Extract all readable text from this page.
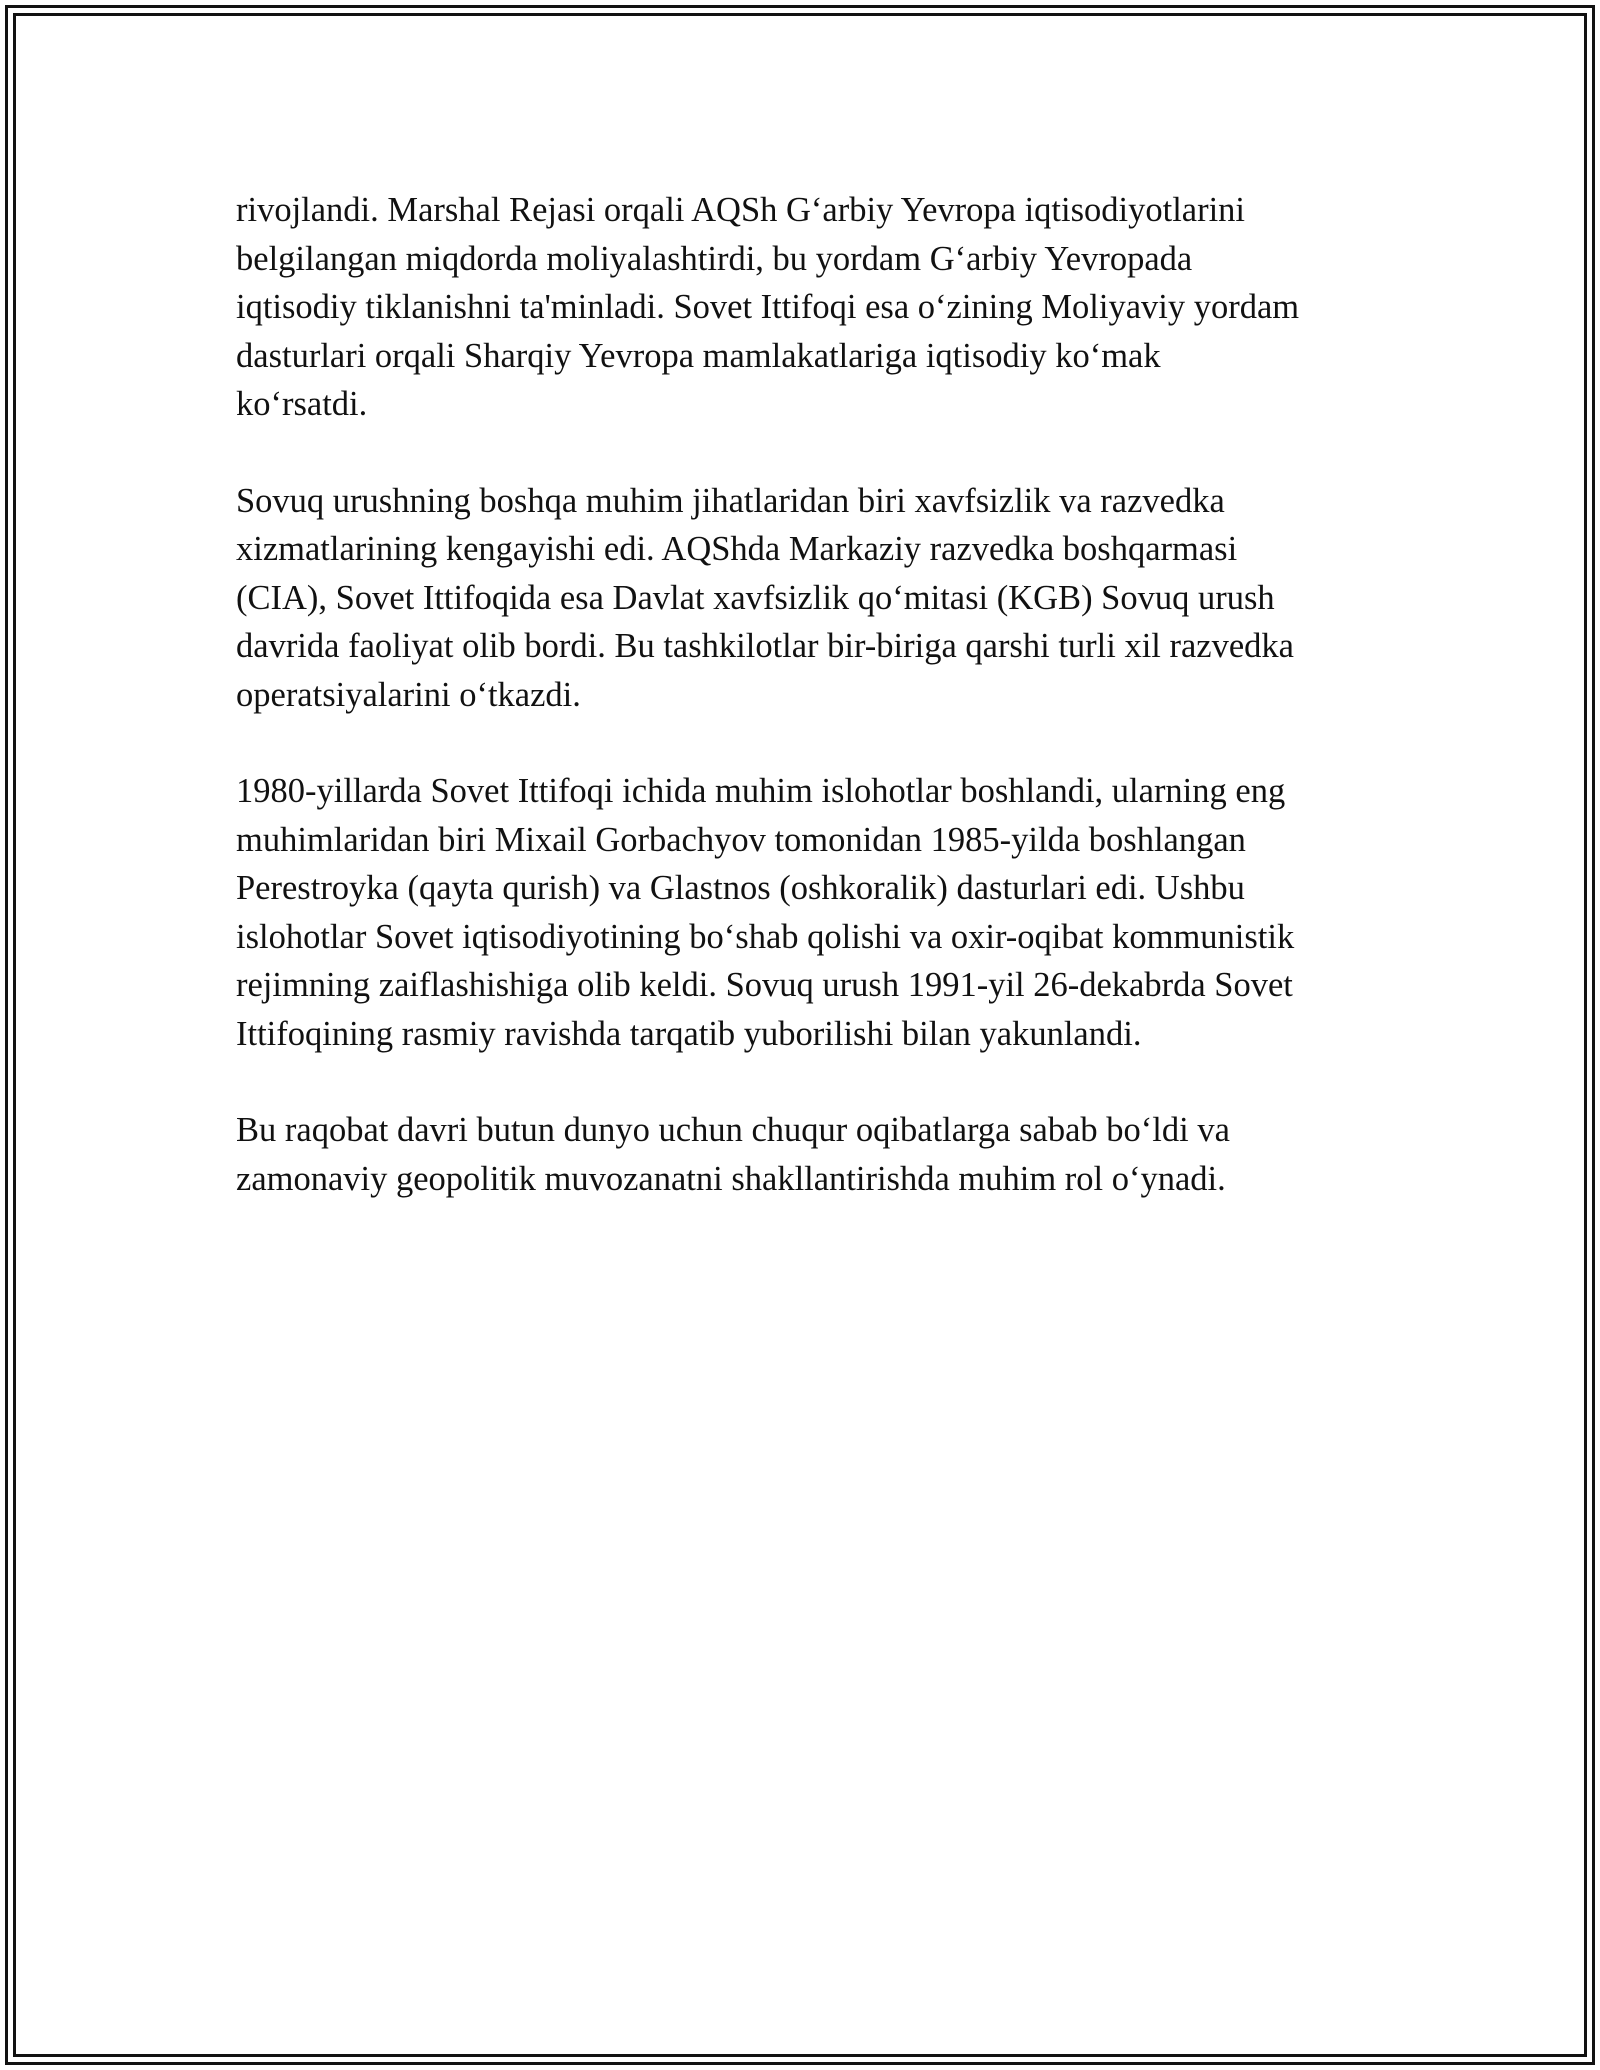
rivojlandi. Marshal Rejasi orqali AQSh G‘arbiy Yevropa iqtisodiyotlarini
belgilangan miqdorda moliyalashtirdi, bu yordam G‘arbiy Yevropada
iqtisodiy tiklanishni ta'minladi. Sovet Ittifoqi esa o‘zining Moliyaviy yordam
dasturlari orqali Sharqiy Yevropa mamlakatlariga iqtisodiy ko‘mak
ko‘rsatdi.

Sovuq urushning boshqa muhim jihatlaridan biri xavfsizlik va razvedka
xizmatlarining kengayishi edi. AQShda Markaziy razvedka boshqarmasi
(CIA), Sovet Ittifoqida esa Davlat xavfsizlik qo‘mitasi (KGB) Sovuq urush
davrida faoliyat olib bordi. Bu tashkilotlar bir-biriga qarshi turli xil razvedka
operatsiyalarini o‘tkazdi.

1980-yillarda Sovet Ittifoqi ichida muhim islohotlar boshlandi, ularning eng
muhimlaridan biri Mixail Gorbachyov tomonidan 1985-yilda boshlangan
Perestroyka (qayta qurish) va Glastnos (oshkoralik) dasturlari edi. Ushbu
islohotlar Sovet iqtisodiyotining bo‘shab qolishi va oxir-oqibat kommunistik
rejimning zaiflashishiga olib keldi. Sovuq urush 1991-yil 26-dekabrda Sovet
Ittifoqining rasmiy ravishda tarqatib yuborilishi bilan yakunlandi.

Bu raqobat davri butun dunyo uchun chuqur oqibatlarga sabab bo‘ldi va
zamonaviy geopolitik muvozanatni shakllantirishda muhim rol o‘ynadi.
